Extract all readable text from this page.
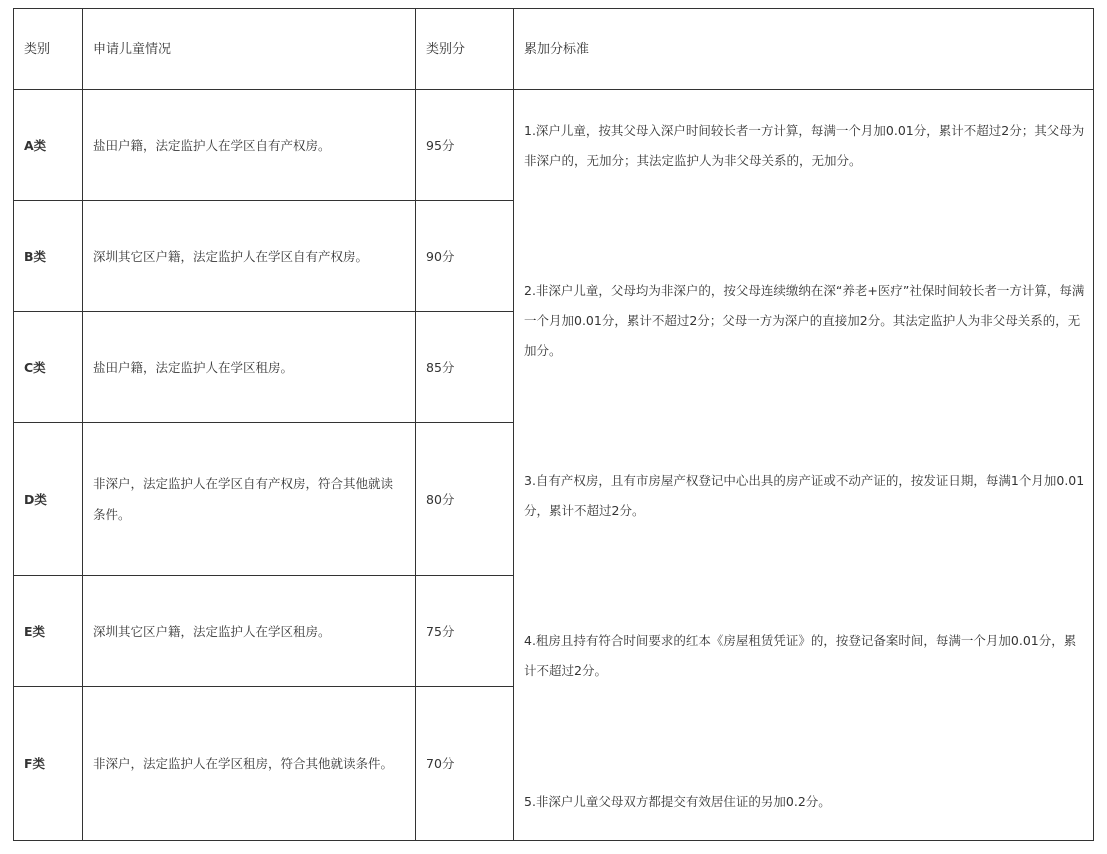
类别	申请儿童情况	类别分	累加分标准
A类	盐田户籍，法定监护人在学区自有产权房。	95分	1.深户儿童，按其父母入深户时间较长者一方计算，每满一个月加0.01分，累计不超过2分；其父母为非深户的，无加分；其法定监护人为非父母关系的，无加分。
2.非深户儿童，父母均为非深户的，按父母连续缴纳在深“养老+医疗”社保时间较长者一方计算，每满一个月加0.01分，累计不超过2分；父母一方为深户的直接加2分。其法定监护人为非父母关系的，无加分。
3.自有产权房，且有市房屋产权登记中心出具的房产证或不动产证的，按发证日期，每满1个月加0.01分，累计不超过2分。
4.租房且持有符合时间要求的红本《房屋租赁凭证》的，按登记备案时间，每满一个月加0.01分，累计不超过2分。
5.非深户儿童父母双方都提交有效居住证的另加0.2分。

B类	深圳其它区户籍，法定监护人在学区自有产权房。	90分	
C类	盐田户籍，法定监护人在学区租房。	85分	
D类	非深户，法定监护人在学区自有产权房，符合其他就读条件。	80分	
E类	深圳其它区户籍，法定监护人在学区租房。	75分	
F类	非深户，法定监护人在学区租房，符合其他就读条件。	70分	
